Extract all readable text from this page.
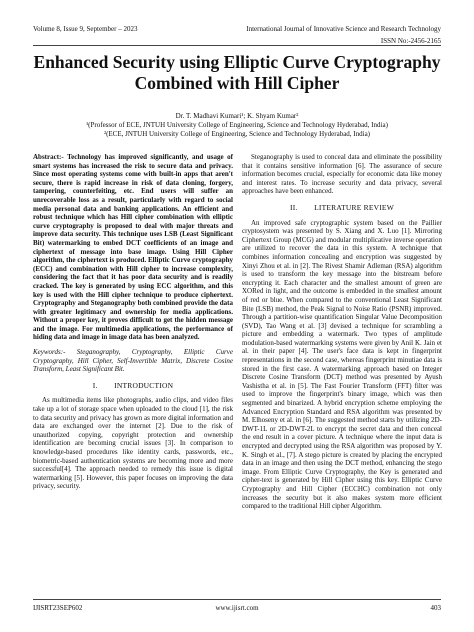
Volume 8, Issue 9, September – 2023	International Journal of Innovative Science and Research Technology
ISSN No:-2456-2165
Enhanced Security using Elliptic Curve Cryptography
Combined with Hill Cipher
Dr. T. Madhavi Kumari¹; K. Shyam Kumar²
¹(Professor of ECE, JNTUH University College of Engineering, Science and Technology Hyderabad, India)
²(ECE, JNTUH University College of Engineering, Science and Technology Hyderabad, India)

Abstract:- Technology has improved significantly, and usage of smart systems has increased the risk to secure data and privacy. Since most operating systems come with built-in apps that aren't secure, there is rapid increase in risk of data cloning, forgery, tampering, counterfeiting, etc. End users will suffer an unrecoverable loss as a result, particularly with regard to social media personal data and banking applications. An efficient and robust technique which has Hill cipher combination with elliptic curve cryptography is proposed to deal with major threats and improve data security. This technique uses LSB (Least Significant Bit) watermarking to embed DCT coefficients of an image and ciphertext of message into base image. Using Hill Cipher algorithm, the ciphertext is produced. Elliptic Curve cryptography (ECC) and combination with Hill cipher to increase complexity, considering the fact that it has poor data security and is readily cracked. The key is generated by using ECC algorithm, and this key is used with the Hill cipher technique to produce ciphertext. Cryptography and Steganography both combined provide the data with greater legitimacy and ownership for media applications. Without a proper key, it proves difficult to get the hidden message and the image. For multimedia applications, the performance of hiding data and image in image data has been analyzed.

Keywords:- Steganography, Cryptography, Elliptic Curve Cryptography, Hill Cipher, Self-Invertible Matrix, Discrete Cosine Transform, Least Significant Bit.

I. INTRODUCTION

As multimedia items like photographs, audio clips, and video files take up a lot of storage space when uploaded to the cloud [1], the risk to data security and privacy has grown as more digital information and data are exchanged over the internet [2]. Due to the risk of unauthorized copying, copyright protection and ownership identification are becoming crucial issues [3]. In comparison to knowledge-based procedures like identity cards, passwords, etc., biometric-based authentication systems are becoming more and more successful[4]. The approach needed to remedy this issue is digital watermarking [5]. However, this paper focuses on improving the data privacy, security.

Steganography is used to conceal data and eliminate the possibility that it contains sensitive information [6]. The assurance of secure information becomes crucial, especially for economic data like money and interest rates. To increase security and data privacy, several approaches have been enhanced.

II. LITERATURE REVIEW

An improved safe cryptographic system based on the Paillier cryptosystem was presented by S. Xiang and X. Luo [1]. Mirroring Ciphertext Group (MCG) and modular multiplicative inverse operation are utilized to recover the data in this system. A technique that combines information concealing and encryption was suggested by Xinyi Zhou et al. in [2]. The Rivest Shamir Adleman (RSA) algorithm is used to transform the key message into the bitstream before encrypting it. Each character and the smallest amount of green are XORed in light, and the outcome is embedded in the smallest amount of red or blue. When compared to the conventional Least Significant Bite (LSB) method, the Peak Signal to Noise Ratio (PSNR) improved. Through a partition-wise quantification Singular Value Decomposition (SVD), Tao Wang et al. [3] devised a technique for scrambling a picture and embedding a watermark. Two types of amplitude modulation-based watermarking systems were given by Anil K. Jain et al. in their paper [4]. The user's face data is kept in fingerprint representations in the second case, whereas fingerprint minutiae data is stored in the first case. A watermarking approach based on Integer Discrete Cosine Transform (DCT) method was presented by Ayush Vashistha et al. in [5]. The Fast Fourier Transform (FFT) filter was used to improve the fingerprint's binary image, which was then segmented and binarized. A hybrid encryption scheme employing the Advanced Encryption Standard and RSA algorithm was presented by M. Elhoseny et al. in [6]. The suggested method starts by utilizing 2D-DWT-1L or 2D-DWT-2L to encrypt the secret data and then conceal the end result in a cover picture. A technique where the input data is encrypted and decrypted using the RSA algorithm was proposed by Y. K. Singh et al., [7]. A stego picture is created by placing the encrypted data in an image and then using the DCT method, enhancing the stego image. From Elliptic Curve Cryptography, the Key is generated and cipher-text is generated by Hill Cipher using this key. Elliptic Curve Cryptography and Hill Cipher (ECCHC) combination not only increases the security but it also makes system more efficient compared to the traditional Hill cipher Algorithm.

IJISRT23SEP602	www.ijisrt.com	403
